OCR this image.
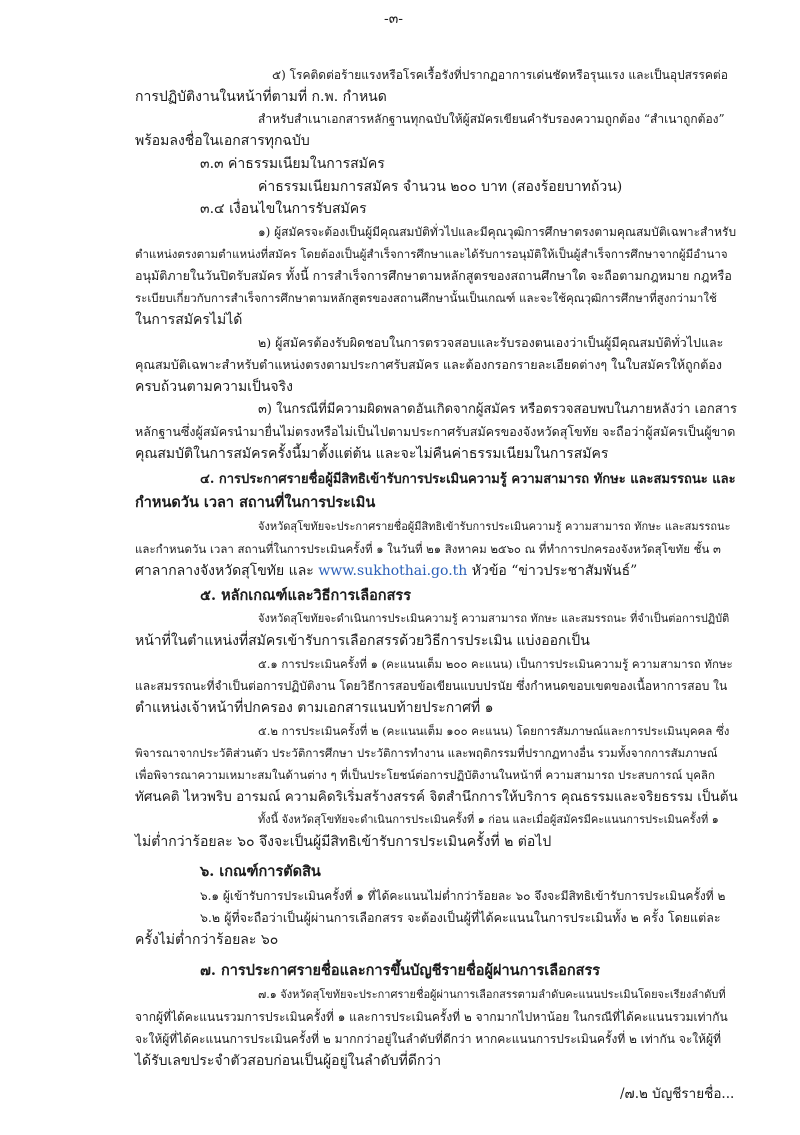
-๓-
๕) โรคติดต่อร้ายแรงหรือโรคเรื้อรังที่ปรากฏอาการเด่นชัดหรือรุนแรง และเป็นอุปสรรคต่อ
การปฏิบัติงานในหน้าที่ตามที่ ก.พ. กำหนด
สำหรับสำเนาเอกสารหลักฐานทุกฉบับให้ผู้สมัครเขียนคำรับรองความถูกต้อง “สำเนาถูกต้อง”
พร้อมลงชื่อในเอกสารทุกฉบับ
๓.๓ ค่าธรรมเนียมในการสมัคร
ค่าธรรมเนียมการสมัคร จำนวน ๒๐๐ บาท (สองร้อยบาทถ้วน)
๓.๔ เงื่อนไขในการรับสมัคร
๑) ผู้สมัครจะต้องเป็นผู้มีคุณสมบัติทั่วไปและมีคุณวุฒิการศึกษาตรงตามคุณสมบัติเฉพาะสำหรับ
ตำแหน่งตรงตามตำแหน่งที่สมัคร โดยต้องเป็นผู้สำเร็จการศึกษาและได้รับการอนุมัติให้เป็นผู้สำเร็จการศึกษาจากผู้มีอำนาจ
อนุมัติภายในวันปิดรับสมัคร ทั้งนี้ การสำเร็จการศึกษาตามหลักสูตรของสถานศึกษาใด จะถือตามกฎหมาย กฎหรือ
ระเบียบเกี่ยวกับการสำเร็จการศึกษาตามหลักสูตรของสถานศึกษานั้นเป็นเกณฑ์ และจะใช้คุณวุฒิการศึกษาที่สูงกว่ามาใช้
ในการสมัครไม่ได้
๒) ผู้สมัครต้องรับผิดชอบในการตรวจสอบและรับรองตนเองว่าเป็นผู้มีคุณสมบัติทั่วไปและ
คุณสมบัติเฉพาะสำหรับตำแหน่งตรงตามประกาศรับสมัคร และต้องกรอกรายละเอียดต่างๆ ในใบสมัครให้ถูกต้อง
ครบถ้วนตามความเป็นจริง
๓) ในกรณีที่มีความผิดพลาดอันเกิดจากผู้สมัคร หรือตรวจสอบพบในภายหลังว่า เอกสาร
หลักฐานซึ่งผู้สมัครนำมายื่นไม่ตรงหรือไม่เป็นไปตามประกาศรับสมัครของจังหวัดสุโขทัย จะถือว่าผู้สมัครเป็นผู้ขาด
คุณสมบัติในการสมัครครั้งนี้มาตั้งแต่ต้น และจะไม่คืนค่าธรรมเนียมในการสมัคร
๔. การประกาศรายชื่อผู้มีสิทธิเข้ารับการประเมินความรู้ ความสามารถ ทักษะ และสมรรถนะ และ
กำหนดวัน เวลา สถานที่ในการประเมิน
จังหวัดสุโขทัยจะประกาศรายชื่อผู้มีสิทธิเข้ารับการประเมินความรู้ ความสามารถ ทักษะ และสมรรถนะ
และกำหนดวัน เวลา สถานที่ในการประเมินครั้งที่ ๑ ในวันที่ ๒๑ สิงหาคม ๒๕๖๐ ณ ที่ทำการปกครองจังหวัดสุโขทัย ชั้น ๓
ศาลากลางจังหวัดสุโขทัย และ www.sukhothai.go.th หัวข้อ “ข่าวประชาสัมพันธ์”
๕. หลักเกณฑ์และวิธีการเลือกสรร
จังหวัดสุโขทัยจะดำเนินการประเมินความรู้ ความสามารถ ทักษะ และสมรรถนะ ที่จำเป็นต่อการปฏิบัติ
หน้าที่ในตำแหน่งที่สมัครเข้ารับการเลือกสรรด้วยวิธีการประเมิน แบ่งออกเป็น
๕.๑ การประเมินครั้งที่ ๑ (คะแนนเต็ม ๒๐๐ คะแนน) เป็นการประเมินความรู้ ความสามารถ ทักษะ
และสมรรถนะที่จำเป็นต่อการปฏิบัติงาน โดยวิธีการสอบข้อเขียนแบบปรนัย ซึ่งกำหนดขอบเขตของเนื้อหาการสอบ ใน
ตำแหน่งเจ้าหน้าที่ปกครอง ตามเอกสารแนบท้ายประกาศที่ ๑
๕.๒ การประเมินครั้งที่ ๒ (คะแนนเต็ม ๑๐๐ คะแนน) โดยการสัมภาษณ์และการประเมินบุคคล ซึ่ง
พิจารณาจากประวัติส่วนตัว ประวัติการศึกษา ประวัติการทำงาน และพฤติกรรมที่ปรากฏทางอื่น รวมทั้งจากการสัมภาษณ์
เพื่อพิจารณาความเหมาะสมในด้านต่าง ๆ ที่เป็นประโยชน์ต่อการปฏิบัติงานในหน้าที่ ความสามารถ ประสบการณ์ บุคลิก
ทัศนคติ ไหวพริบ อารมณ์ ความคิดริเริ่มสร้างสรรค์ จิตสำนึกการให้บริการ คุณธรรมและจริยธรรม เป็นต้น
ทั้งนี้ จังหวัดสุโขทัยจะดำเนินการประเมินครั้งที่ ๑ ก่อน และเมื่อผู้สมัครมีคะแนนการประเมินครั้งที่ ๑
ไม่ต่ำกว่าร้อยละ ๖๐ จึงจะเป็นผู้มีสิทธิเข้ารับการประเมินครั้งที่ ๒ ต่อไป
๖. เกณฑ์การตัดสิน
๖.๑ ผู้เข้ารับการประเมินครั้งที่ ๑ ที่ได้คะแนนไม่ต่ำกว่าร้อยละ ๖๐ จึงจะมีสิทธิเข้ารับการประเมินครั้งที่ ๒
๖.๒ ผู้ที่จะถือว่าเป็นผู้ผ่านการเลือกสรร จะต้องเป็นผู้ที่ได้คะแนนในการประเมินทั้ง ๒ ครั้ง โดยแต่ละ
ครั้งไม่ต่ำกว่าร้อยละ ๖๐
๗. การประกาศรายชื่อและการขึ้นบัญชีรายชื่อผู้ผ่านการเลือกสรร
๗.๑ จังหวัดสุโขทัยจะประกาศรายชื่อผู้ผ่านการเลือกสรรตามลำดับคะแนนประเมินโดยจะเรียงลำดับที่
จากผู้ที่ได้คะแนนรวมการประเมินครั้งที่ ๑ และการประเมินครั้งที่ ๒ จากมากไปหาน้อย ในกรณีที่ได้คะแนนรวมเท่ากัน
จะให้ผู้ที่ได้คะแนนการประเมินครั้งที่ ๒ มากกว่าอยู่ในลำดับที่ดีกว่า หากคะแนนการประเมินครั้งที่ ๒ เท่ากัน จะให้ผู้ที่
ได้รับเลขประจำตัวสอบก่อนเป็นผู้อยู่ในลำดับที่ดีกว่า
/๗.๒ บัญชีรายชื่อ...
